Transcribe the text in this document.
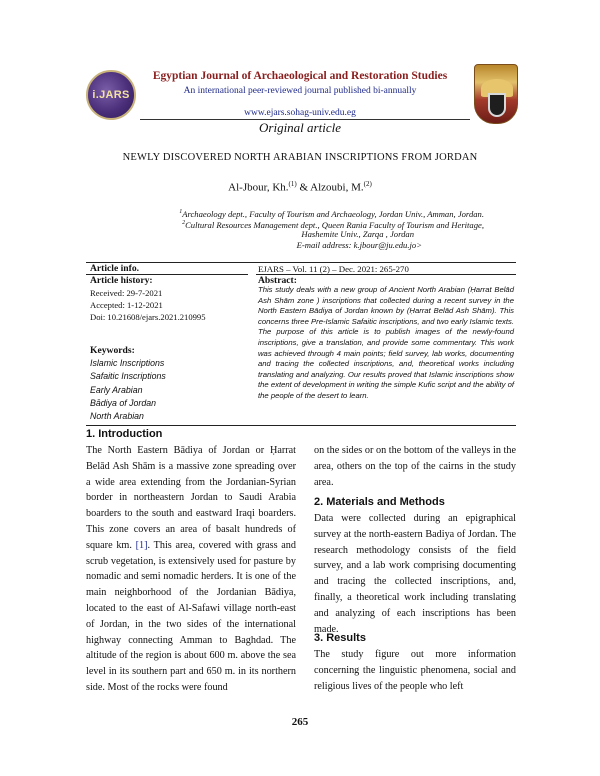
i.JARS
Egyptian Journal of Archaeological and Restoration Studies
An international peer-reviewed journal published bi-annually
www.ejars.sohag-univ.edu.eg
Original article
NEWLY DISCOVERED NORTH ARABIAN INSCRIPTIONS FROM JORDAN
Al-Jbour, Kh.$^{(1)}$ & Alzoubi, M.$^{(2)}$
$^1$Archaeology dept., Faculty of Tourism and Archaeology, Jordan Univ., Amman, Jordan.
$^2$Cultural Resources Management dept., Queen Rania Faculty of Tourism and Heritage,
Hashemite Univ., Zarqa , Jordan
E-mail address: k.jbour@ju.edu.jo>
Article info.	EJARS – Vol. 11 (2) – Dec. 2021: 265-270
Article history:
Received: 29-7-2021
Accepted: 1-12-2021
Doi: 10.21608/ejars.2021.210995
Keywords:
Islamic Inscriptions
Safaitic Inscriptions
Early Arabian
Bādiya of Jordan
North Arabian
Abstract:
This study deals with a new group of Ancient North Arabian (Ḥarrat Belād Ash Shām zone ) inscriptions that collected during a recent survey in the North Eastern Bādiya of Jordan known by (Ḥarrat Belād Ash Shām). This concerns three Pre-Islamic Safaitic inscriptions, and two early Islamic texts. The purpose of this article is to publish images of the newly-found inscriptions, give a translation, and provide some commentary. This work was achieved through 4 main points; field survey, lab works, documenting and tracing the collected inscriptions, and, theoretical works including translating and analyzing. Our results proved that Islamic inscriptions show the extent of development in writing the simple Kufic script and the ability of the people of the desert to learn.
1. Introduction

The North Eastern Bādiya of Jordan or Ḥarrat Belād Ash Shām is a massive zone spreading over a wide area extending from the Jordanian-Syrian border in northeastern Jordan to Saudi Arabia boarders to the south and eastward Iraqi boarders. This zone covers an area of basalt hundreds of square km. [1]. This area, covered with grass and scrub vegetation, is extensively used for pasture by nomadic and semi nomadic herders. It is one of the main neighborhood of the Jordanian Bādiya, located to the east of Al-Safawi village north-east of Jordan, in the two sides of the international highway connecting Amman to Baghdad. The altitude of the region is about 600 m. above the sea level in its southern part and 650 m. in its northern side. Most of the rocks were found

on the sides or on the bottom of the valleys in the area, others on the top of the cairns in the study area.

2. Materials and Methods

Data were collected during an epigraphical survey at the north-eastern Badiya of Jordan. The research methodology consists of the field survey, and a lab work comprising documenting and tracing the collected inscriptions, and, finally, a theoretical work including translating and analyzing of each inscriptions has been made.

3. Results

The study figure out more information concerning the linguistic phenomena, social and religious lives of the people who left

265
